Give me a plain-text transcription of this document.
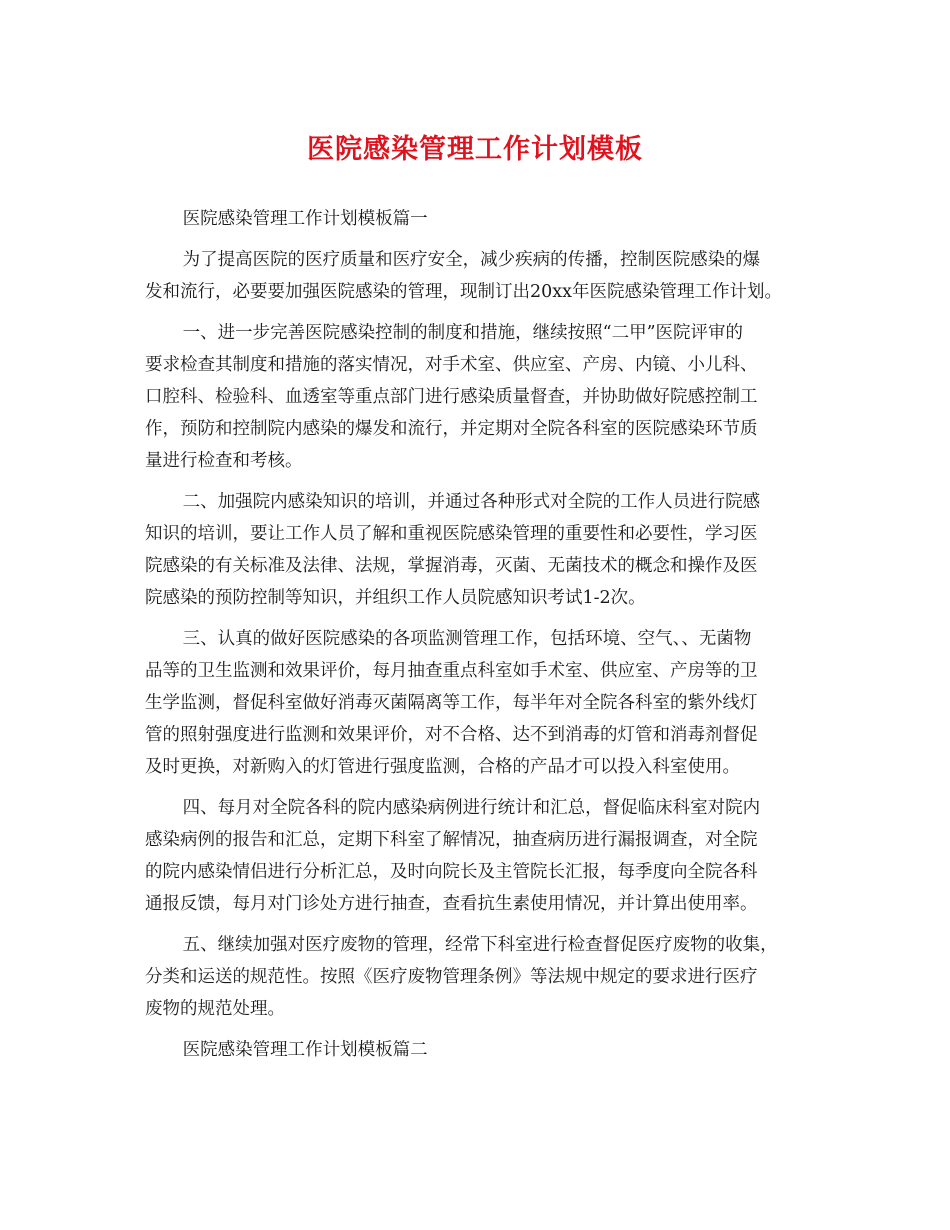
医院感染管理工作计划模板
医院感染管理工作计划模板篇一
为了提高医院的医疗质量和医疗安全，减少疾病的传播，控制医院感染的爆
发和流行，必要要加强医院感染的管理，现制订出20xx年医院感染管理工作计划。
一、进一步完善医院感染控制的制度和措施，继续按照“二甲”医院评审的
要求检查其制度和措施的落实情况，对手术室、供应室、产房、内镜、小儿科、
口腔科、检验科、血透室等重点部门进行感染质量督查，并协助做好院感控制工
作，预防和控制院内感染的爆发和流行，并定期对全院各科室的医院感染环节质
量进行检查和考核。
二、加强院内感染知识的培训，并通过各种形式对全院的工作人员进行院感
知识的培训，要让工作人员了解和重视医院感染管理的重要性和必要性，学习医
院感染的有关标准及法律、法规，掌握消毒，灭菌、无菌技术的概念和操作及医
院感染的预防控制等知识，并组织工作人员院感知识考试1-2次。
三、认真的做好医院感染的各项监测管理工作，包括环境、空气、、无菌物
品等的卫生监测和效果评价，每月抽查重点科室如手术室、供应室、产房等的卫
生学监测，督促科室做好消毒灭菌隔离等工作，每半年对全院各科室的紫外线灯
管的照射强度进行监测和效果评价，对不合格、达不到消毒的灯管和消毒剂督促
及时更换，对新购入的灯管进行强度监测，合格的产品才可以投入科室使用。
四、每月对全院各科的院内感染病例进行统计和汇总，督促临床科室对院内
感染病例的报告和汇总，定期下科室了解情况，抽查病历进行漏报调查，对全院
的院内感染情侣进行分析汇总，及时向院长及主管院长汇报，每季度向全院各科
通报反馈，每月对门诊处方进行抽查，查看抗生素使用情况，并计算出使用率。
五、继续加强对医疗废物的管理，经常下科室进行检查督促医疗废物的收集，
分类和运送的规范性。按照《医疗废物管理条例》等法规中规定的要求进行医疗
废物的规范处理。
医院感染管理工作计划模板篇二
